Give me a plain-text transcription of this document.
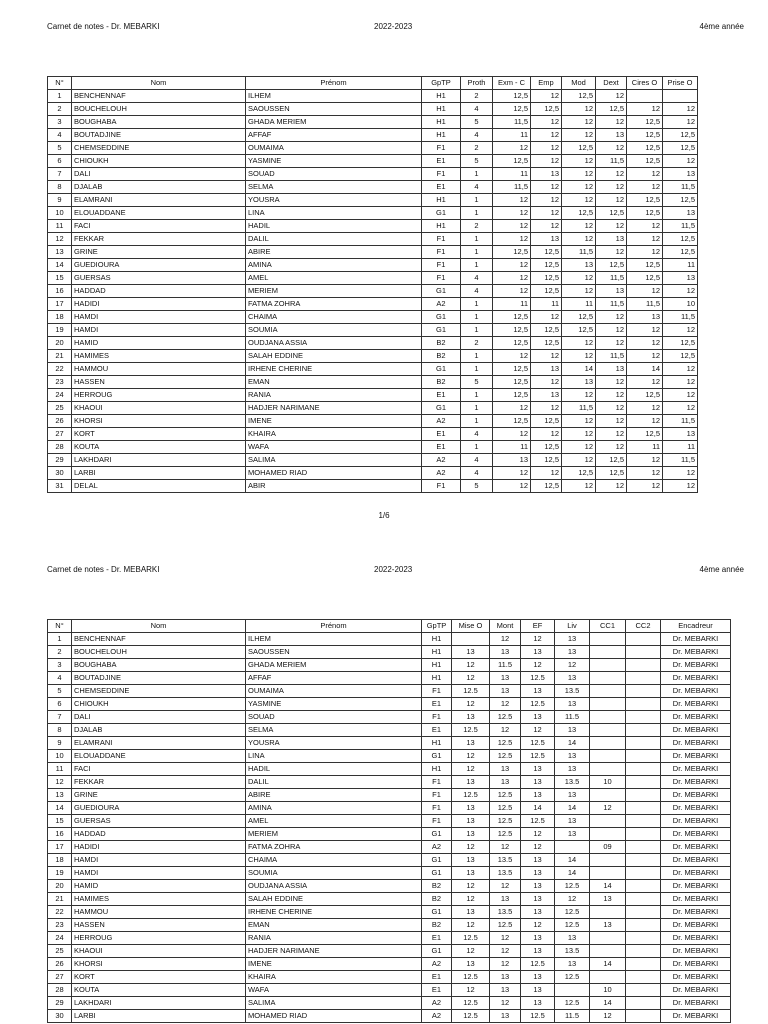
Carnet de notes - Dr. MEBARKI	2022-2023	4ème année
N°	Nom	Prénom	GpTP	Proth	Exm - C	Emp	Mod	Dext	Cires O	Prise O
1	BENCHENNAF	ILHEM	H1	2	12,5	12	12,5	12		
2	BOUCHELOUH	SAOUSSEN	H1	4	12,5	12,5	12	12,5	12	12
3	BOUGHABA	GHADA MERIEM	H1	5	11,5	12	12	12	12,5	12
4	BOUTADJINE	AFFAF	H1	4	11	12	12	13	12,5	12,5
5	CHEMSEDDINE	OUMAIMA	F1	2	12	12	12,5	12	12,5	12,5
6	CHIOUKH	YASMINE	E1	5	12,5	12	12	11,5	12,5	12
7	DALI	SOUAD	F1	1	11	13	12	12	12	13
8	DJALAB	SELMA	E1	4	11,5	12	12	12	12	11,5
9	ELAMRANI	YOUSRA	H1	1	12	12	12	12	12,5	12,5
10	ELOUADDANE	LINA	G1	1	12	12	12,5	12,5	12,5	13
11	FACI	HADIL	H1	2	12	12	12	12	12	11,5
12	FEKKAR	DALIL	F1	1	12	13	12	13	12	12,5
13	GRINE	ABIRE	F1	1	12,5	12,5	11,5	12	12	12,5
14	GUEDIOURA	AMINA	F1	1	12	12,5	13	12,5	12,5	11
15	GUERSAS	AMEL	F1	4	12	12,5	12	11,5	12,5	13
16	HADDAD	MERIEM	G1	4	12	12,5	12	13	12	12
17	HADIDI	FATMA ZOHRA	A2	1	11	11	11	11,5	11,5	10
18	HAMDI	CHAIMA	G1	1	12,5	12	12,5	12	13	11,5
19	HAMDI	SOUMIA	G1	1	12,5	12,5	12,5	12	12	12
20	HAMID	OUDJANA ASSIA	B2	2	12,5	12,5	12	12	12	12,5
21	HAMIMES	SALAH EDDINE	B2	1	12	12	12	11,5	12	12,5
22	HAMMOU	IRHENE CHERINE	G1	1	12,5	13	14	13	14	12
23	HASSEN	EMAN	B2	5	12,5	12	13	12	12	12
24	HERROUG	RANIA	E1	1	12,5	13	12	12	12,5	12
25	KHAOUI	HADJER NARIMANE	G1	1	12	12	11,5	12	12	12
26	KHORSI	IMENE	A2	1	12,5	12,5	12	12	12	11,5
27	KORT	KHAIRA	E1	4	12	12	12	12	12,5	13
28	KOUTA	WAFA	E1	1	11	12,5	12	12	11	11
29	LAKHDARI	SALIMA	A2	4	13	12,5	12	12,5	12	11,5
30	LARBI	MOHAMED RIAD	A2	4	12	12	12,5	12,5	12	12
31	DELAL	ABIR	F1	5	12	12,5	12	12	12	12
1/6
Carnet de notes - Dr. MEBARKI	2022-2023	4ème année
N°	Nom	Prénom	GpTP	Mise O	Mont	EF	Liv	CC1	CC2	Encadreur
1	BENCHENNAF	ILHEM	H1		12	12	13			Dr. MEBARKI
2	BOUCHELOUH	SAOUSSEN	H1	13	13	13	13			Dr. MEBARKI
3	BOUGHABA	GHADA MERIEM	H1	12	11.5	12	12			Dr. MEBARKI
4	BOUTADJINE	AFFAF	H1	12	13	12.5	13			Dr. MEBARKI
5	CHEMSEDDINE	OUMAIMA	F1	12.5	13	13	13.5			Dr. MEBARKI
6	CHIOUKH	YASMINE	E1	12	12	12.5	13			Dr. MEBARKI
7	DALI	SOUAD	F1	13	12.5	13	11.5			Dr. MEBARKI
8	DJALAB	SELMA	E1	12.5	12	12	13			Dr. MEBARKI
9	ELAMRANI	YOUSRA	H1	13	12.5	12.5	14			Dr. MEBARKI
10	ELOUADDANE	LINA	G1	12	12.5	12.5	13			Dr. MEBARKI
11	FACI	HADIL	H1	12	13	13	13			Dr. MEBARKI
12	FEKKAR	DALIL	F1	13	13	13	13.5	10		Dr. MEBARKI
13	GRINE	ABIRE	F1	12.5	12.5	13	13			Dr. MEBARKI
14	GUEDIOURA	AMINA	F1	13	12.5	14	14	12		Dr. MEBARKI
15	GUERSAS	AMEL	F1	13	12.5	12.5	13			Dr. MEBARKI
16	HADDAD	MERIEM	G1	13	12.5	12	13			Dr. MEBARKI
17	HADIDI	FATMA ZOHRA	A2	12	12	12		09		Dr. MEBARKI
18	HAMDI	CHAIMA	G1	13	13.5	13	14			Dr. MEBARKI
19	HAMDI	SOUMIA	G1	13	13.5	13	14			Dr. MEBARKI
20	HAMID	OUDJANA ASSIA	B2	12	12	13	12.5	14		Dr. MEBARKI
21	HAMIMES	SALAH EDDINE	B2	12	13	13	12	13		Dr. MEBARKI
22	HAMMOU	IRHENE CHERINE	G1	13	13.5	13	12.5			Dr. MEBARKI
23	HASSEN	EMAN	B2	12	12.5	12	12.5	13		Dr. MEBARKI
24	HERROUG	RANIA	E1	12.5	12	13	13			Dr. MEBARKI
25	KHAOUI	HADJER NARIMANE	G1	12	12	13	13.5			Dr. MEBARKI
26	KHORSI	IMENE	A2	13	12	12.5	13	14		Dr. MEBARKI
27	KORT	KHAIRA	E1	12.5	13	13	12.5			Dr. MEBARKI
28	KOUTA	WAFA	E1	12	13	13		10		Dr. MEBARKI
29	LAKHDARI	SALIMA	A2	12.5	12	13	12.5	14		Dr. MEBARKI
30	LARBI	MOHAMED RIAD	A2	12.5	13	12.5	11.5	12		Dr. MEBARKI
